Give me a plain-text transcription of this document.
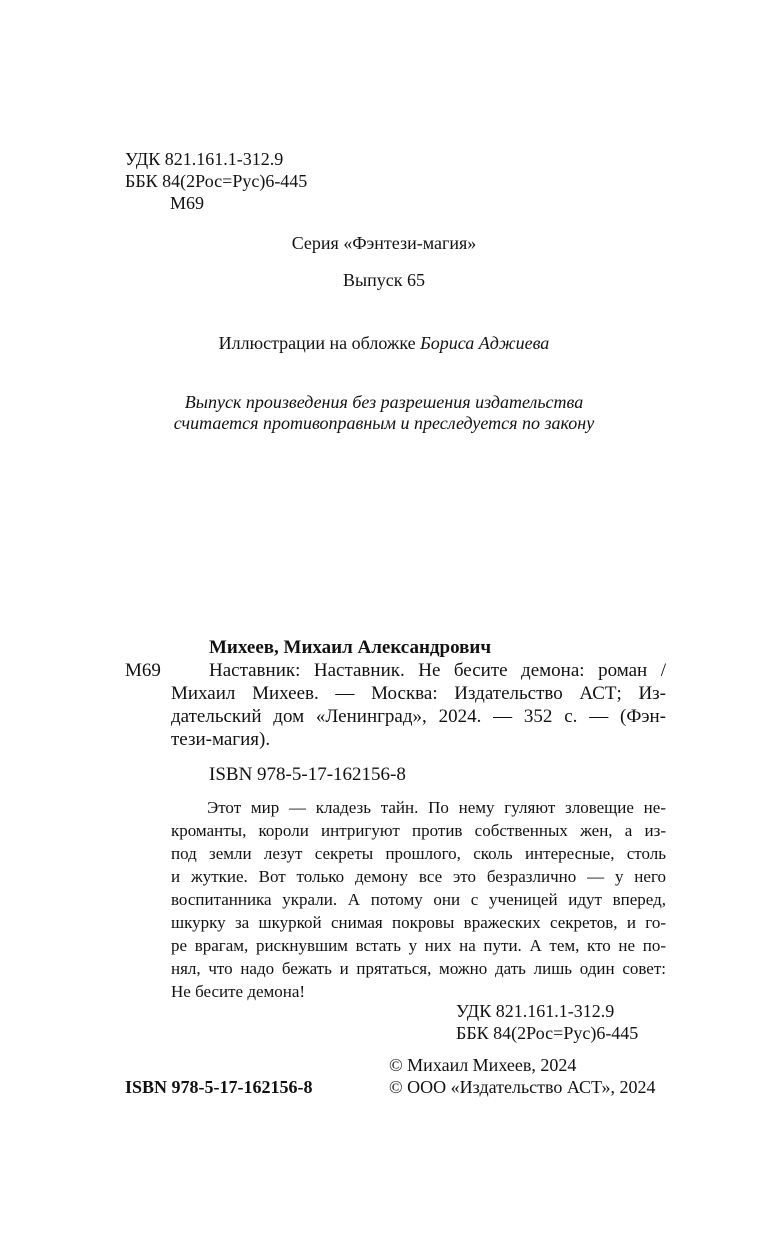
УДК 821.161.1-312.9
ББК 84(2Рос=Рус)6-445
М69
Серия «Фэнтези-магия»
Выпуск 65
Иллюстрации на обложке Бориса Аджиева
Выпуск произведения без разрешения издательства
считается противоправным и преследуется по закону
Михеев, Михаил Александрович
М69	Наставник: Наставник. Не бесите демона: роман /
Михаил Михеев. — Москва: Издательство АСТ; Из-
дательский дом «Ленинград», 2024. — 352 с. — (Фэн-
тези-магия).
ISBN 978-5-17-162156-8
Этот мир — кладезь тайн. По нему гуляют зловещие не-
кроманты, короли интригуют против собственных жен, а из-
под земли лезут секреты прошлого, сколь интересные, столь
и жуткие. Вот только демону все это безразлично — у него
воспитанника украли. А потому они с ученицей идут вперед,
шкурку за шкуркой снимая покровы вражеских секретов, и го-
ре врагам, рискнувшим встать у них на пути. А тем, кто не по-
нял, что надо бежать и прятаться, можно дать лишь один совет:
Не бесите демона!
УДК 821.161.1-312.9
ББК 84(2Рос=Рус)6-445
© Михаил Михеев, 2024
ISBN 978-5-17-162156-8	© ООО «Издательство АСТ», 2024
